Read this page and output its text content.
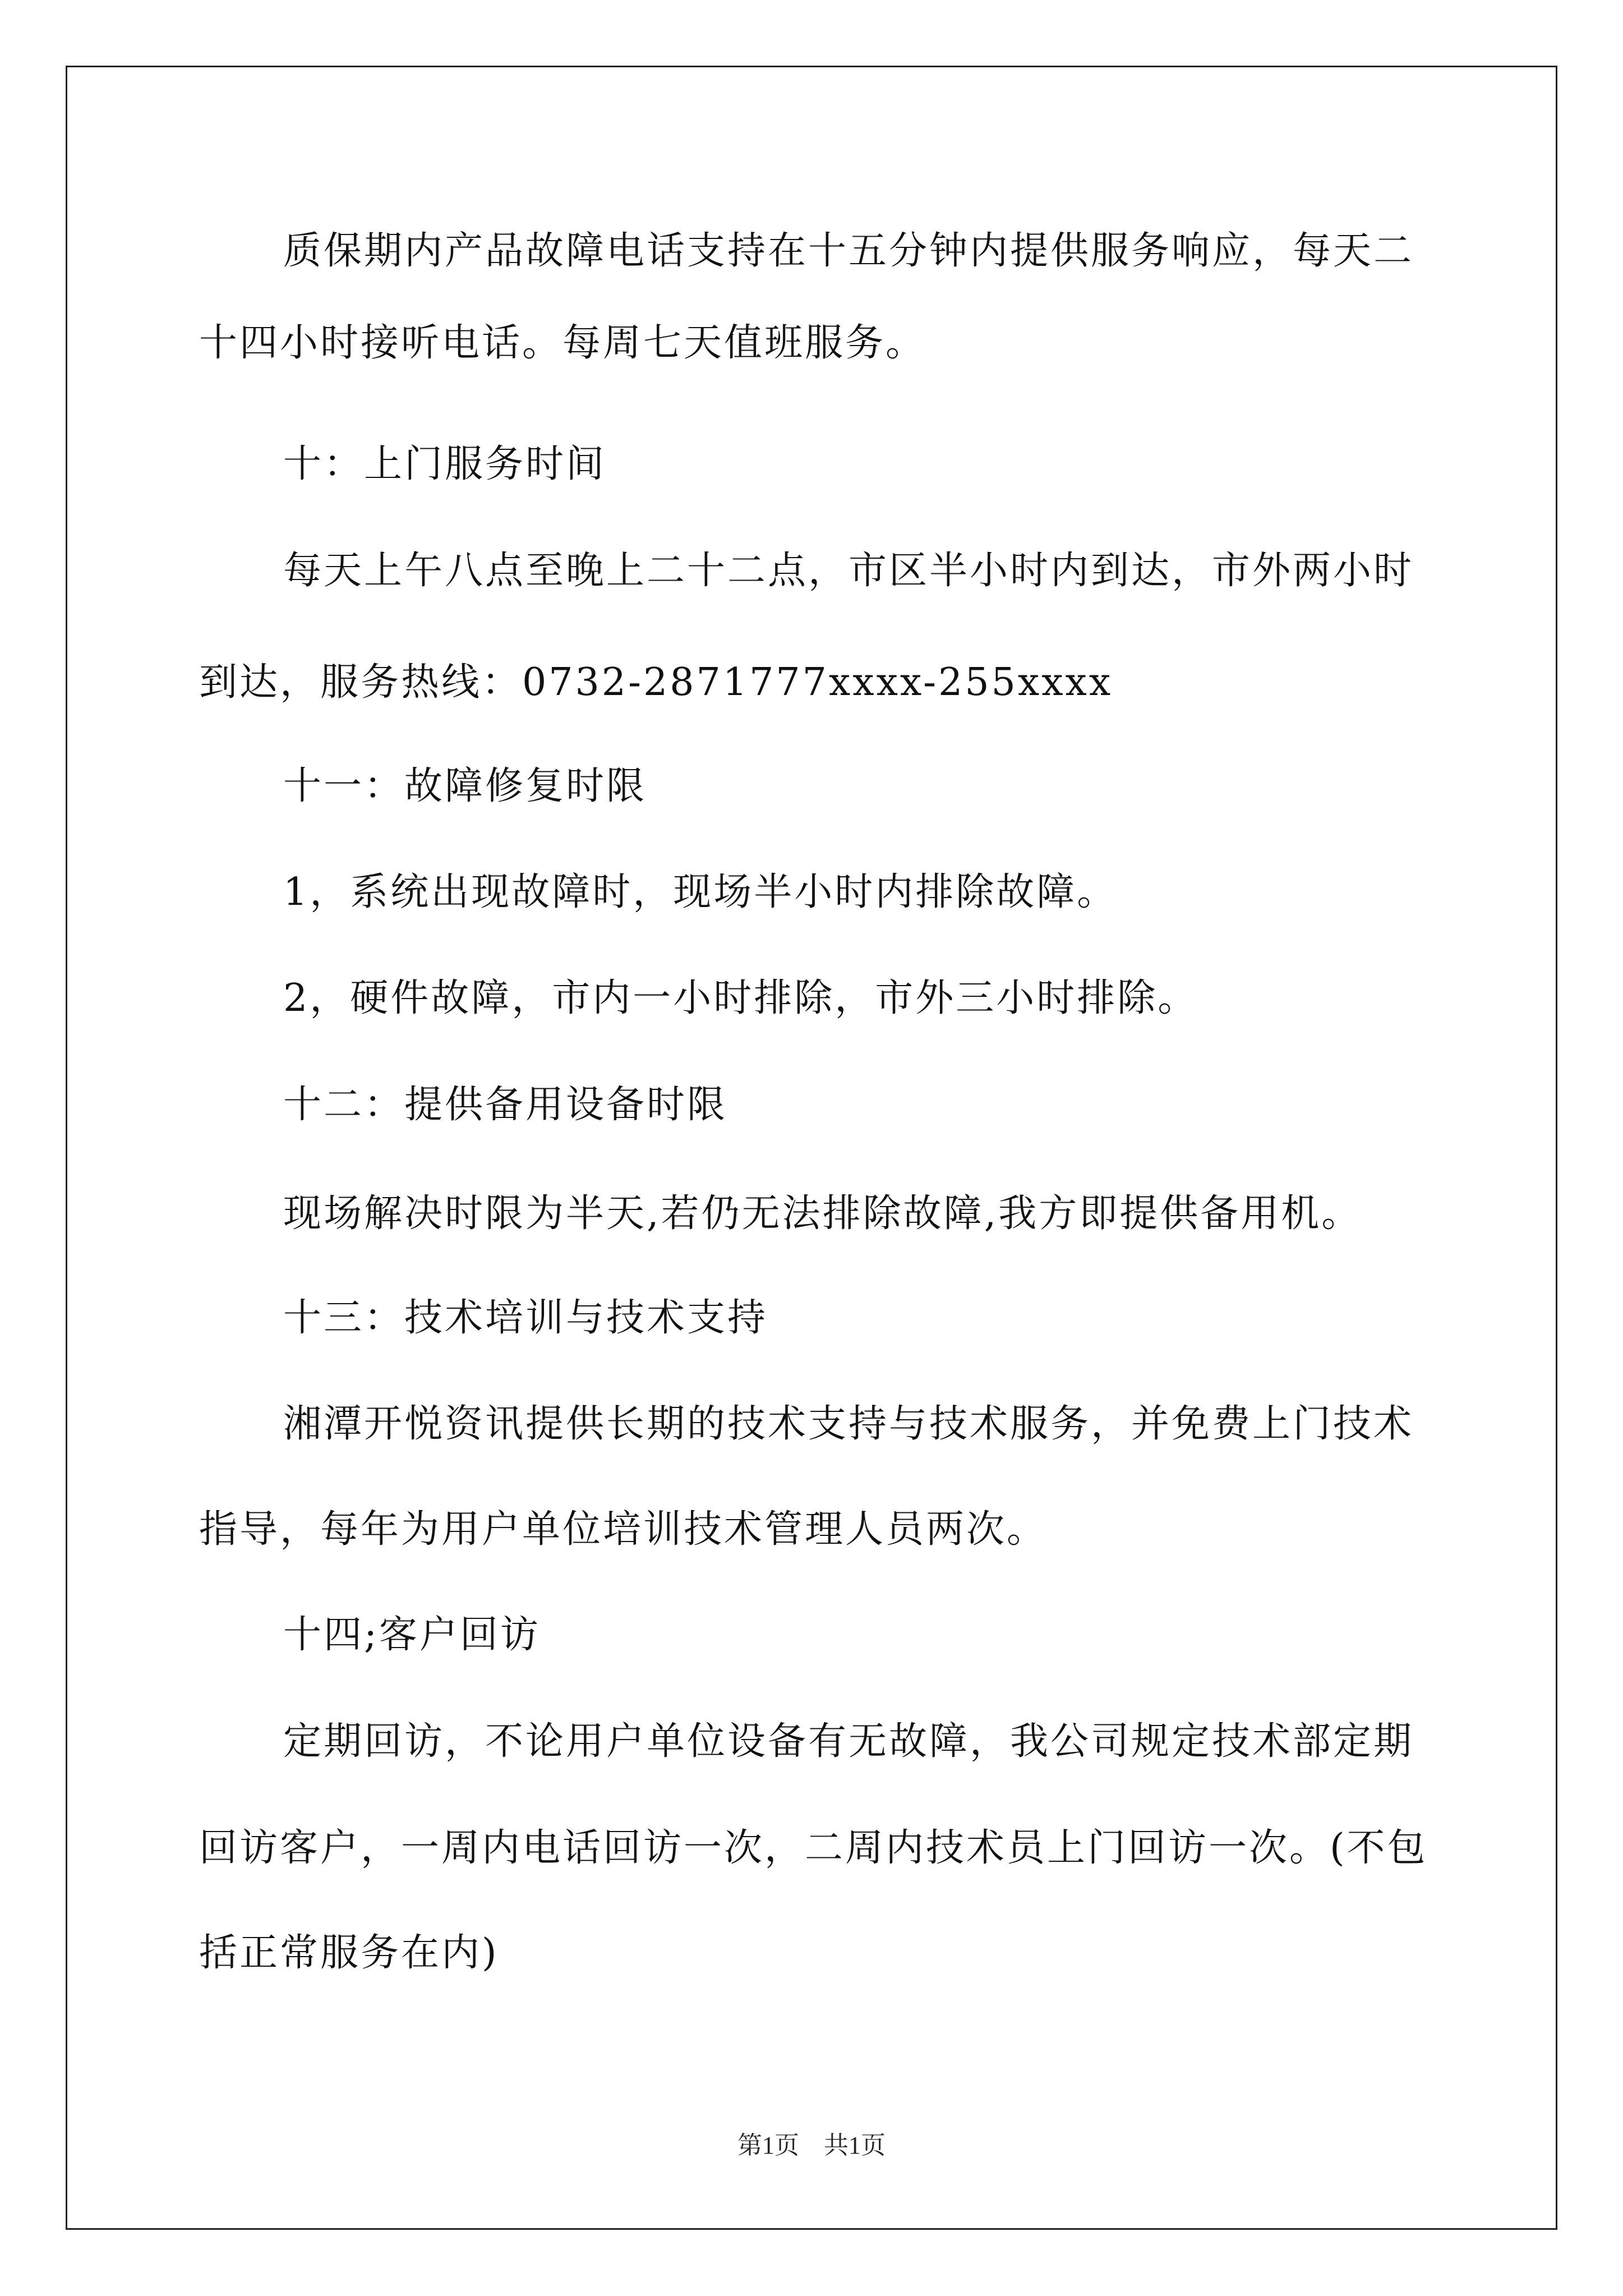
质保期内产品故障电话支持在十五分钟内提供服务响应，每天二
十四小时接听电话。每周七天值班服务。
十：上门服务时间
每天上午八点至晚上二十二点，市区半小时内到达，市外两小时
到达，服务热线：0732-2871777xxxx-255xxxx
十一：故障修复时限
1，系统出现故障时，现场半小时内排除故障。
2，硬件故障，市内一小时排除，市外三小时排除。
十二：提供备用设备时限
现场解决时限为半天,若仍无法排除故障,我方即提供备用机。
十三：技术培训与技术支持
湘潭开悦资讯提供长期的技术支持与技术服务，并免费上门技术
指导，每年为用户单位培训技术管理人员两次。
十四;客户回访
定期回访，不论用户单位设备有无故障，我公司规定技术部定期
回访客户，一周内电话回访一次，二周内技术员上门回访一次。(不包
括正常服务在内)
第1页　共1页
